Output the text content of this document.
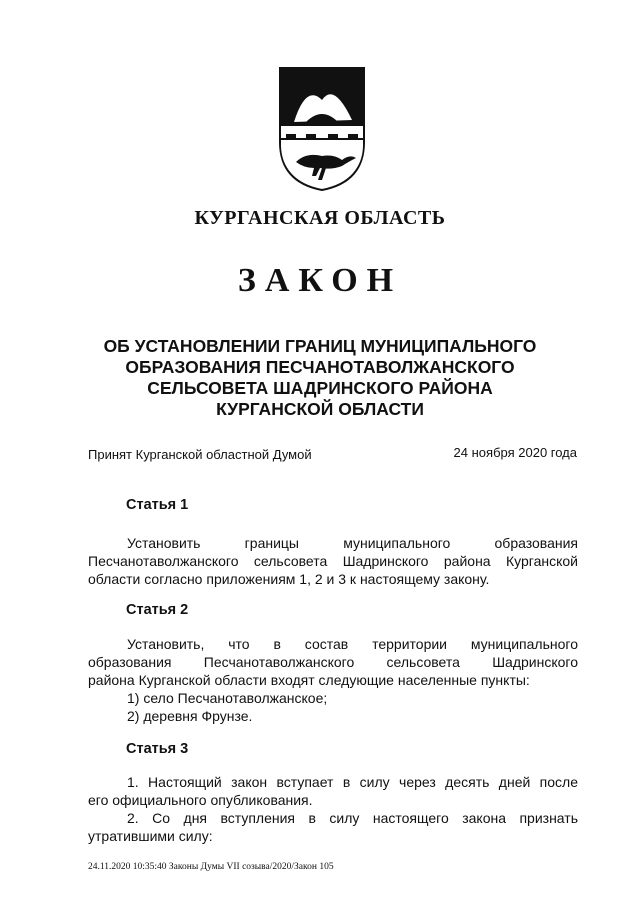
КУРГАНСКАЯ ОБЛАСТЬ
ЗАКОН
ОБ УСТАНОВЛЕНИИ ГРАНИЦ МУНИЦИПАЛЬНОГО
ОБРАЗОВАНИЯ ПЕСЧАНОТАВОЛЖАНСКОГО
СЕЛЬСОВЕТА ШАДРИНСКОГО РАЙОНА
КУРГАНСКОЙ ОБЛАСТИ
Принят Курганской областной Думой	24 ноября 2020 года
Статья 1
Установить границы муниципального образования
Песчанотаволжанского сельсовета Шадринского района Курганской
области согласно приложениям 1, 2 и 3 к настоящему закону.
Статья 2
Установить, что в состав территории муниципального
образования Песчанотаволжанского сельсовета Шадринского
района Курганской области входят следующие населенные пункты:
1) село Песчанотаволжанское;
2) деревня Фрунзе.
Статья 3
1. Настоящий закон вступает в силу через десять дней после
его официального опубликования.
2. Со дня вступления в силу настоящего закона признать
утратившими силу:
24.11.2020 10:35:40 Законы Думы VII созыва/2020/Закон 105
